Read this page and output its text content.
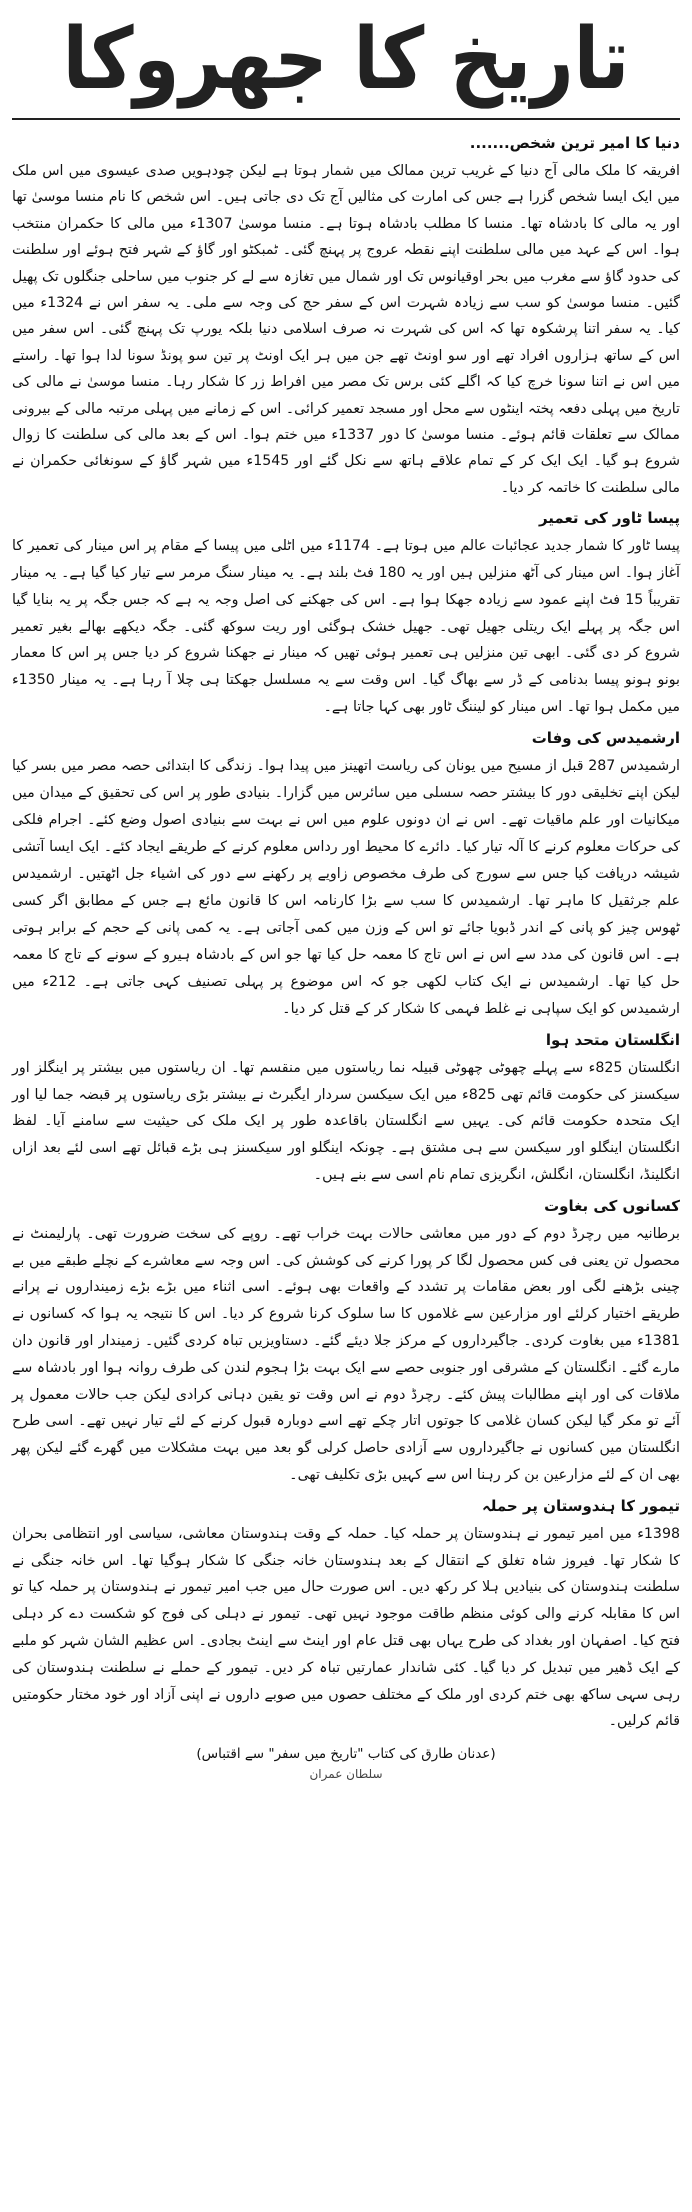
تاریخ کا جھروکا
دنیا کا امیر ترین شخص.......

افریقہ کا ملک مالی آج دنیا کے غریب ترین ممالک میں شمار ہوتا ہے لیکن چودہویں صدی عیسوی میں اس ملک میں ایک ایسا شخص گزرا ہے جس کی امارت کی مثالیں آج تک دی جاتی ہیں۔ اس شخص کا نام منسا موسیٰ تھا اور یہ مالی کا بادشاہ تھا۔ منسا کا مطلب بادشاہ ہوتا ہے۔ منسا موسیٰ 1307ء میں مالی کا حکمران منتخب ہوا۔ اس کے عہد میں مالی سلطنت اپنے نقطہ عروج پر پہنچ گئی۔ ٹمبکٹو اور گاؤ کے شہر فتح ہوئے اور سلطنت کی حدود گاؤ سے مغرب میں بحر اوقیانوس تک اور شمال میں تغازہ سے لے کر جنوب میں ساحلی جنگلوں تک پھیل گئیں۔ منسا موسیٰ کو سب سے زیادہ شہرت اس کے سفر حج کی وجہ سے ملی۔ یہ سفر اس نے 1324ء میں کیا۔ یہ سفر اتنا پرشکوہ تھا کہ اس کی شہرت نہ صرف اسلامی دنیا بلکہ یورپ تک پہنچ گئی۔ اس سفر میں اس کے ساتھ ہزاروں افراد تھے اور سو اونٹ تھے جن میں ہر ایک اونٹ پر تین سو پونڈ سونا لدا ہوا تھا۔ راستے میں اس نے اتنا سونا خرچ کیا کہ اگلے کئی برس تک مصر میں افراط زر کا شکار رہا۔ منسا موسیٰ نے مالی کی تاریخ میں پہلی دفعہ پختہ اینٹوں سے محل اور مسجد تعمیر کرائی۔ اس کے زمانے میں پہلی مرتبہ مالی کے بیرونی ممالک سے تعلقات قائم ہوئے۔ منسا موسیٰ کا دور 1337ء میں ختم ہوا۔ اس کے بعد مالی کی سلطنت کا زوال شروع ہو گیا۔ ایک ایک کر کے تمام علاقے ہاتھ سے نکل گئے اور 1545ء میں شہر گاؤ کے سونغائی حکمران نے مالی سلطنت کا خاتمہ کر دیا۔

پیسا ٹاور کی تعمیر

پیسا ٹاور کا شمار جدید عجائبات عالم میں ہوتا ہے۔ 1174ء میں اٹلی میں پیسا کے مقام پر اس مینار کی تعمیر کا آغاز ہوا۔ اس مینار کی آٹھ منزلیں ہیں اور یہ 180 فٹ بلند ہے۔ یہ مینار سنگ مرمر سے تیار کیا گیا ہے۔ یہ مینار تقریباً 15 فٹ اپنے عمود سے زیادہ جھکا ہوا ہے۔ اس کی جھکنے کی اصل وجہ یہ ہے کہ جس جگہ پر یہ بنایا گیا اس جگہ پر پہلے ایک ریتلی جھیل تھی۔ جھیل خشک ہوگئی اور ریت سوکھ گئی۔ جگہ دیکھے بھالے بغیر تعمیر شروع کر دی گئی۔ ابھی تین منزلیں ہی تعمیر ہوئی تھیں کہ مینار نے جھکنا شروع کر دیا جس پر اس کا معمار بونو ہونو پیسا بدنامی کے ڈر سے بھاگ گیا۔ اس وقت سے یہ مسلسل جھکتا ہی چلا آ رہا ہے۔ یہ مینار 1350ء میں مکمل ہوا تھا۔ اس مینار کو لیننگ ٹاور بھی کہا جاتا ہے۔

ارشمیدس کی وفات

ارشمیدس 287 قبل از مسیح میں یونان کی ریاست اتھینز میں پیدا ہوا۔ زندگی کا ابتدائی حصہ مصر میں بسر کیا لیکن اپنے تخلیقی دور کا بیشتر حصہ سسلی میں سائرس میں گزارا۔ بنیادی طور پر اس کی تحقیق کے میدان میں میکانیات اور علم ماقیات تھے۔ اس نے ان دونوں علوم میں اس نے بہت سے بنیادی اصول وضع کئے۔ اجرام فلکی کی حرکات معلوم کرنے کا آلہ تیار کیا۔ دائرے کا محیط اور رداس معلوم کرنے کے طریقے ایجاد کئے۔ ایک ایسا آتشی شیشہ دریافت کیا جس سے سورج کی طرف مخصوص زاویے پر رکھنے سے دور کی اشیاء جل اٹھتیں۔ ارشمیدس علم جرثقیل کا ماہر تھا۔ ارشمیدس کا سب سے بڑا کارنامہ اس کا قانون مائع ہے جس کے مطابق اگر کسی ٹھوس چیز کو پانی کے اندر ڈبویا جائے تو اس کے وزن میں کمی آجاتی ہے۔ یہ کمی پانی کے حجم کے برابر ہوتی ہے۔ اس قانون کی مدد سے اس نے اس تاج کا معمہ حل کیا تھا جو اس کے بادشاہ ہیرو کے سونے کے تاج کا معمہ حل کیا تھا۔ ارشمیدس نے ایک کتاب لکھی جو کہ اس موضوع پر پہلی تصنیف کہی جاتی ہے۔ 212ء میں ارشمیدس کو ایک سپاہی نے غلط فہمی کا شکار کر کے قتل کر دیا۔

انگلستان متحد ہوا

انگلستان 825ء سے پہلے چھوٹی چھوٹی قبیلہ نما ریاستوں میں منقسم تھا۔ ان ریاستوں میں بیشتر پر اینگلز اور سیکسنز کی حکومت قائم تھی 825ء میں ایک سیکسن سردار ایگبرٹ نے بیشتر بڑی ریاستوں پر قبضہ جما لیا اور ایک متحدہ حکومت قائم کی۔ یہیں سے انگلستان باقاعدہ طور پر ایک ملک کی حیثیت سے سامنے آیا۔ لفظ انگلستان اینگلو اور سیکسن سے ہی مشتق ہے۔ چونکہ اینگلو اور سیکسنز ہی بڑے قبائل تھے اسی لئے بعد ازاں انگلینڈ، انگلستان، انگلش، انگریزی تمام نام اسی سے بنے ہیں۔

کسانوں کی بغاوت

برطانیہ میں رچرڈ دوم کے دور میں معاشی حالات بہت خراب تھے۔ روپے کی سخت ضرورت تھی۔ پارلیمنٹ نے محصول تن یعنی فی کس محصول لگا کر پورا کرنے کی کوشش کی۔ اس وجہ سے معاشرے کے نچلے طبقے میں بے چینی بڑھنے لگی اور بعض مقامات پر تشدد کے واقعات بھی ہوئے۔ اسی اثناء میں بڑے بڑے زمینداروں نے پرانے طریقے اختیار کرلئے اور مزارعین سے غلاموں کا سا سلوک کرنا شروع کر دیا۔ اس کا نتیجہ یہ ہوا کہ کسانوں نے 1381ء میں بغاوت کردی۔ جاگیرداروں کے مرکز جلا دیئے گئے۔ دستاویزیں تباہ کردی گئیں۔ زمیندار اور قانون دان مارے گئے۔ انگلستان کے مشرقی اور جنوبی حصے سے ایک بہت بڑا ہجوم لندن کی طرف روانہ ہوا اور بادشاہ سے ملاقات کی اور اپنے مطالبات پیش کئے۔ رچرڈ دوم نے اس وقت تو یقین دہانی کرادی لیکن جب حالات معمول پر آئے تو مکر گیا لیکن کسان غلامی کا جوتوں اتار چکے تھے اسے دوبارہ قبول کرنے کے لئے تیار نہیں تھے۔ اسی طرح انگلستان میں کسانوں نے جاگیرداروں سے آزادی حاصل کرلی گو بعد میں بہت مشکلات میں گھرے گئے لیکن پھر بھی ان کے لئے مزارعین بن کر رہنا اس سے کہیں بڑی تکلیف تھی۔

تیمور کا ہندوستان پر حملہ

1398ء میں امیر تیمور نے ہندوستان پر حملہ کیا۔ حملہ کے وقت ہندوستان معاشی، سیاسی اور انتظامی بحران کا شکار تھا۔ فیروز شاہ تغلق کے انتقال کے بعد ہندوستان خانہ جنگی کا شکار ہوگیا تھا۔ اس خانہ جنگی نے سلطنت ہندوستان کی بنیادیں ہلا کر رکھ دیں۔ اس صورت حال میں جب امیر تیمور نے ہندوستان پر حملہ کیا تو اس کا مقابلہ کرنے والی کوئی منظم طاقت موجود نہیں تھی۔ تیمور نے دہلی کی فوج کو شکست دے کر دہلی فتح کیا۔ اصفہان اور بغداد کی طرح یہاں بھی قتل عام اور اینٹ سے اینٹ بجادی۔ اس عظیم الشان شہر کو ملبے کے ایک ڈھیر میں تبدیل کر دیا گیا۔ کئی شاندار عمارتیں تباہ کر دیں۔ تیمور کے حملے نے سلطنت ہندوستان کی رہی سہی ساکھ بھی ختم کردی اور ملک کے مختلف حصوں میں صوبے داروں نے اپنی آزاد اور خود مختار حکومتیں قائم کرلیں۔

(عدنان طارق کی کتاب "تاریخ میں سفر" سے اقتباس)
سلطان عمران
